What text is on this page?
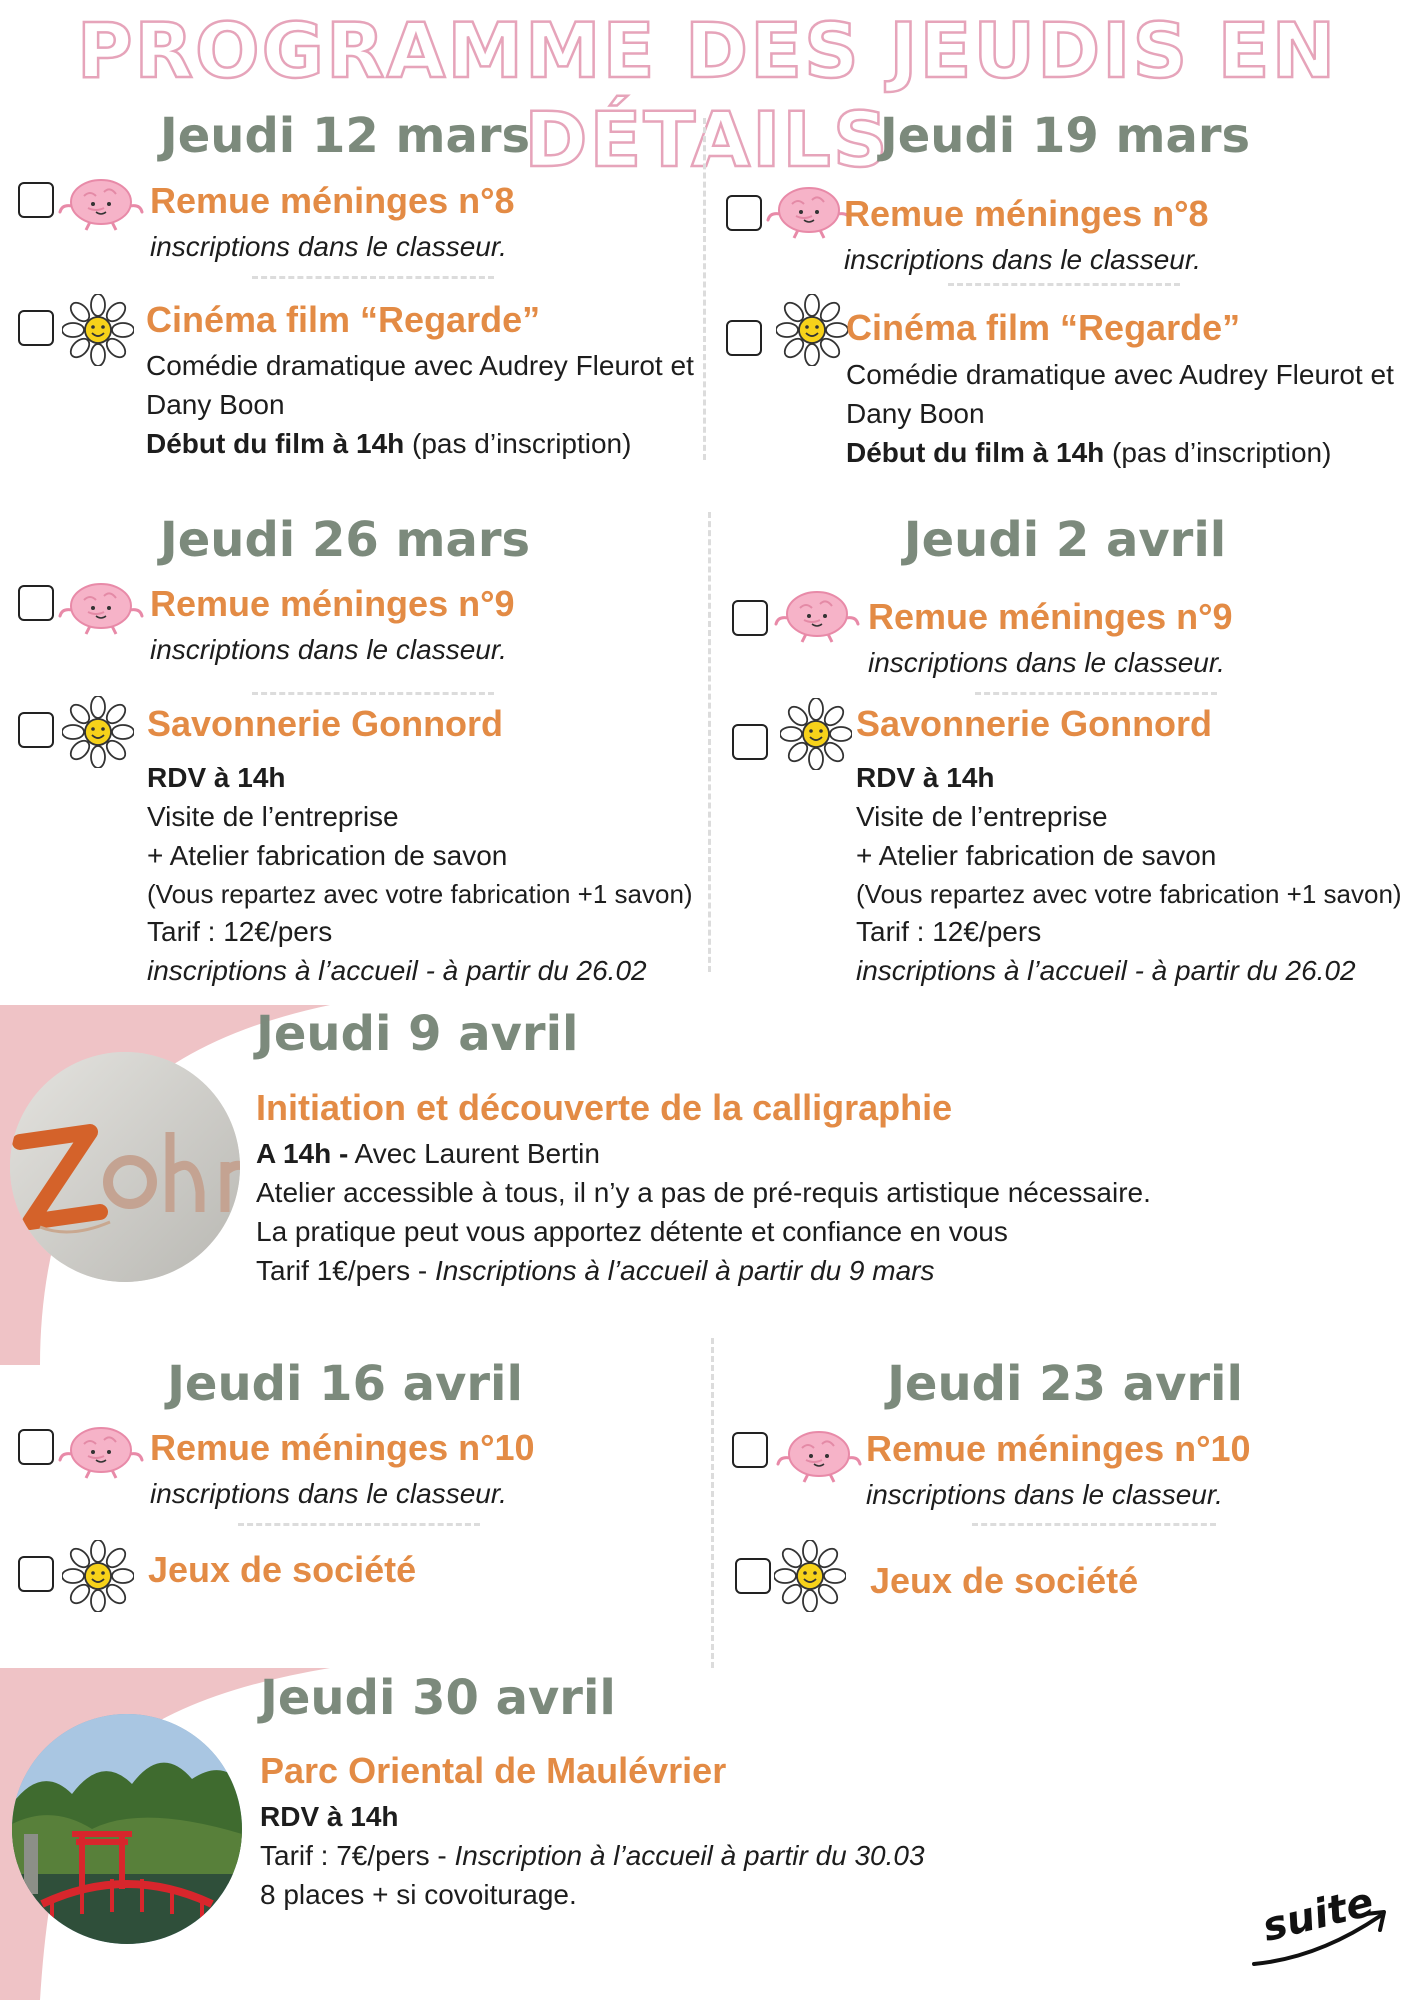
PROGRAMME DES JEUDIS EN DÉTAILS
Jeudi 12 mars
Remue méninges n°8
inscriptions dans le classeur.
Cinéma film “Regarde”
Comédie dramatique avec Audrey Fleurot et
Dany Boon
Début du film à 14h (pas d’inscription)
Jeudi 19 mars
Remue méninges n°8
inscriptions dans le classeur.
Cinéma film “Regarde”
Comédie dramatique avec Audrey Fleurot et
Dany Boon
Début du film à 14h (pas d’inscription)
Jeudi 26 mars
Remue méninges n°9
inscriptions dans le classeur.
Savonnerie Gonnord
RDV à 14h
Visite de l’entreprise
+ Atelier fabrication de savon
(Vous repartez avec votre fabrication +1 savon)
Tarif : 12€/pers
inscriptions à l’accueil - à partir du 26.02
Jeudi 2 avril
Remue méninges n°9
inscriptions dans le classeur.
Savonnerie Gonnord
RDV à 14h
Visite de l’entreprise
+ Atelier fabrication de savon
(Vous repartez avec votre fabrication +1 savon)
Tarif : 12€/pers
inscriptions à l’accueil - à partir du 26.02
Jeudi 9 avril
Initiation et découverte de la calligraphie
A 14h - Avec Laurent Bertin
Atelier accessible à tous, il n’y a pas de pré-requis artistique nécessaire.
La pratique peut vous apportez détente et confiance en vous
Tarif 1€/pers - Inscriptions à l’accueil à partir du 9 mars
Jeudi 16 avril
Remue méninges n°10
inscriptions dans le classeur.
Jeux de société
Jeudi 23 avril
Remue méninges n°10
inscriptions dans le classeur.
Jeux de société
Jeudi 30 avril
Parc Oriental de Maulévrier
RDV à 14h
Tarif : 7€/pers - Inscription à l’accueil à partir du 30.03
8 places + si covoiturage.	suite
